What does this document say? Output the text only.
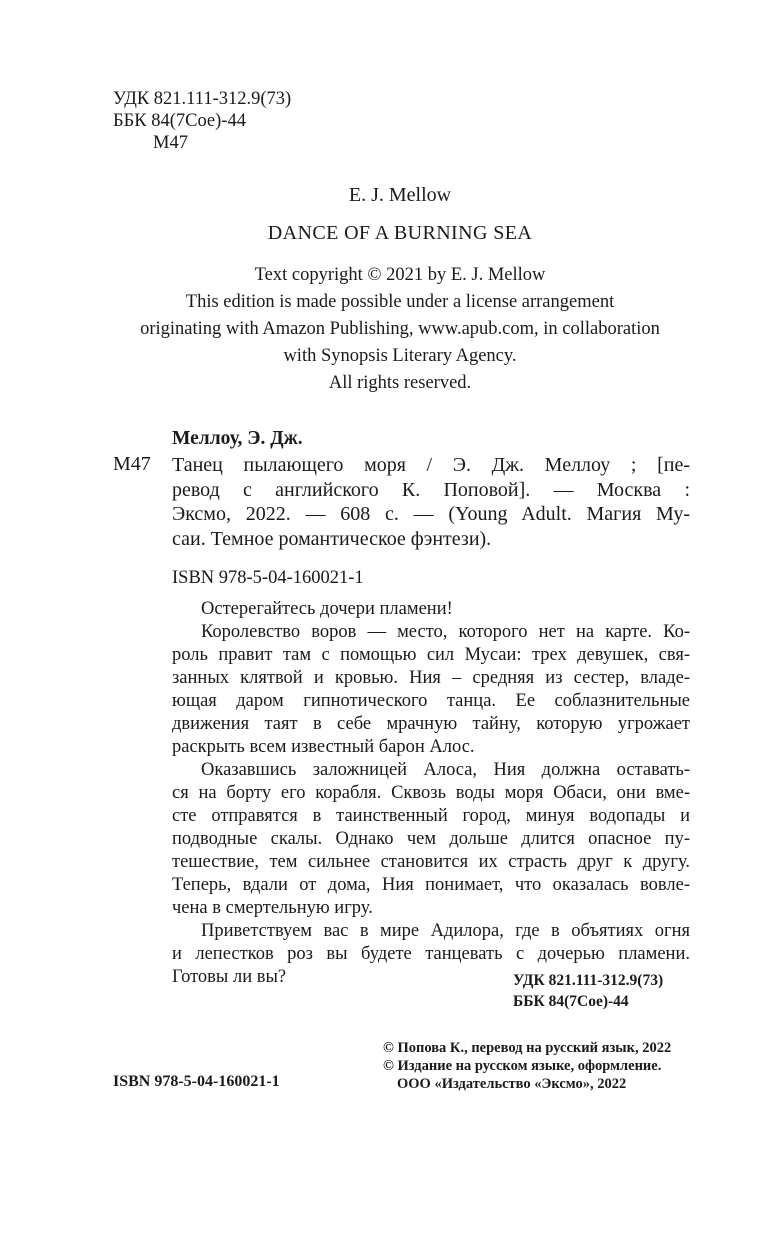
УДК 821.111-312.9(73)
ББК 84(7Сое)-44
М47
E. J. Mellow
DANCE OF A BURNING SEA
Text copyright © 2021 by E. J. Mellow
This edition is made possible under a license arrangement
originating with Amazon Publishing, www.apub.com, in collaboration
with Synopsis Literary Agency.
All rights reserved.
Меллоу, Э. Дж.
М47 Танец пылающего моря / Э. Дж. Меллоу ; [пе-
ревод с английского К. Поповой]. — Москва :
Эксмо, 2022. — 608 с. — (Young Adult. Магия Му-
саи. Темное романтическое фэнтези).
ISBN 978-5-04-160021-1
Остерегайтесь дочери пламени!
Королевство воров — место, которого нет на карте. Ко-
роль правит там с помощью сил Мусаи: трех девушек, свя-
занных клятвой и кровью. Ния – средняя из сестер, владе-
ющая даром гипнотического танца. Ее соблазнительные
движения таят в себе мрачную тайну, которую угрожает
раскрыть всем известный барон Алос.
Оказавшись заложницей Алоса, Ния должна оставать-
ся на борту его корабля. Сквозь воды моря Обаси, они вме-
сте отправятся в таинственный город, минуя водопады и
подводные скалы. Однако чем дольше длится опасное пу-
тешествие, тем сильнее становится их страсть друг к другу.
Теперь, вдали от дома, Ния понимает, что оказалась вовле-
чена в смертельную игру.
Приветствуем вас в мире Адилора, где в объятиях огня
и лепестков роз вы будете танцевать с дочерью пламени.
Готовы ли вы?	УДК 821.111-312.9(73)
ББК 84(7Сое)-44
© Попова К., перевод на русский язык, 2022
© Издание на русском языке, оформление.
ООО «Издательство «Эксмо», 2022
ISBN 978-5-04-160021-1
